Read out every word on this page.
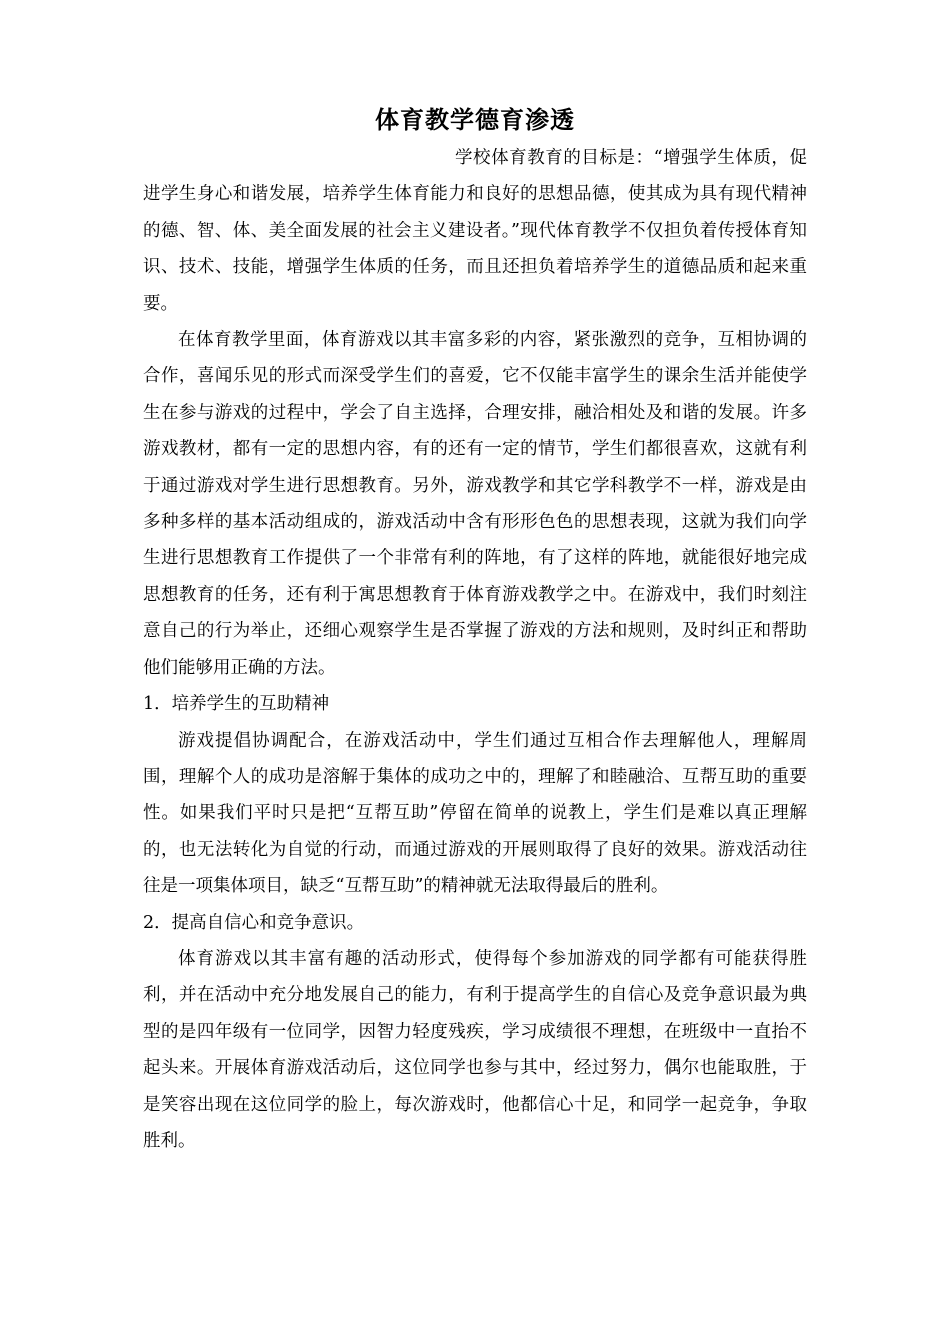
体育教学德育渗透

学校体育教育的目标是：“增强学生体质，促进学生身心和谐发展，培养学生体育能力和良好的思想品德，使其成为具有现代精神的德、智、体、美全面发展的社会主义建设者。”现代体育教学不仅担负着传授体育知识、技术、技能，增强学生体质的任务，而且还担负着培养学生的道德品质和起来重要。

在体育教学里面，体育游戏以其丰富多彩的内容，紧张激烈的竞争，互相协调的合作，喜闻乐见的形式而深受学生们的喜爱，它不仅能丰富学生的课余生活并能使学生在参与游戏的过程中，学会了自主选择，合理安排，融洽相处及和谐的发展。许多游戏教材，都有一定的思想内容，有的还有一定的情节，学生们都很喜欢，这就有利于通过游戏对学生进行思想教育。另外，游戏教学和其它学科教学不一样，游戏是由多种多样的基本活动组成的，游戏活动中含有形形色色的思想表现，这就为我们向学生进行思想教育工作提供了一个非常有利的阵地，有了这样的阵地，就能很好地完成思想教育的任务，还有利于寓思想教育于体育游戏教学之中。在游戏中，我们时刻注意自己的行为举止，还细心观察学生是否掌握了游戏的方法和规则，及时纠正和帮助他们能够用正确的方法。

1．培养学生的互助精神

游戏提倡协调配合，在游戏活动中，学生们通过互相合作去理解他人，理解周围，理解个人的成功是溶解于集体的成功之中的，理解了和睦融洽、互帮互助的重要性。如果我们平时只是把“互帮互助”停留在简单的说教上，学生们是难以真正理解的，也无法转化为自觉的行动，而通过游戏的开展则取得了良好的效果。游戏活动往往是一项集体项目，缺乏“互帮互助”的精神就无法取得最后的胜利。

2．提高自信心和竞争意识。

体育游戏以其丰富有趣的活动形式，使得每个参加游戏的同学都有可能获得胜利，并在活动中充分地发展自己的能力，有利于提高学生的自信心及竞争意识最为典型的是四年级有一位同学，因智力轻度残疾，学习成绩很不理想，在班级中一直抬不起头来。开展体育游戏活动后，这位同学也参与其中，经过努力，偶尔也能取胜，于是笑容出现在这位同学的脸上，每次游戏时，他都信心十足，和同学一起竞争，争取胜利。
